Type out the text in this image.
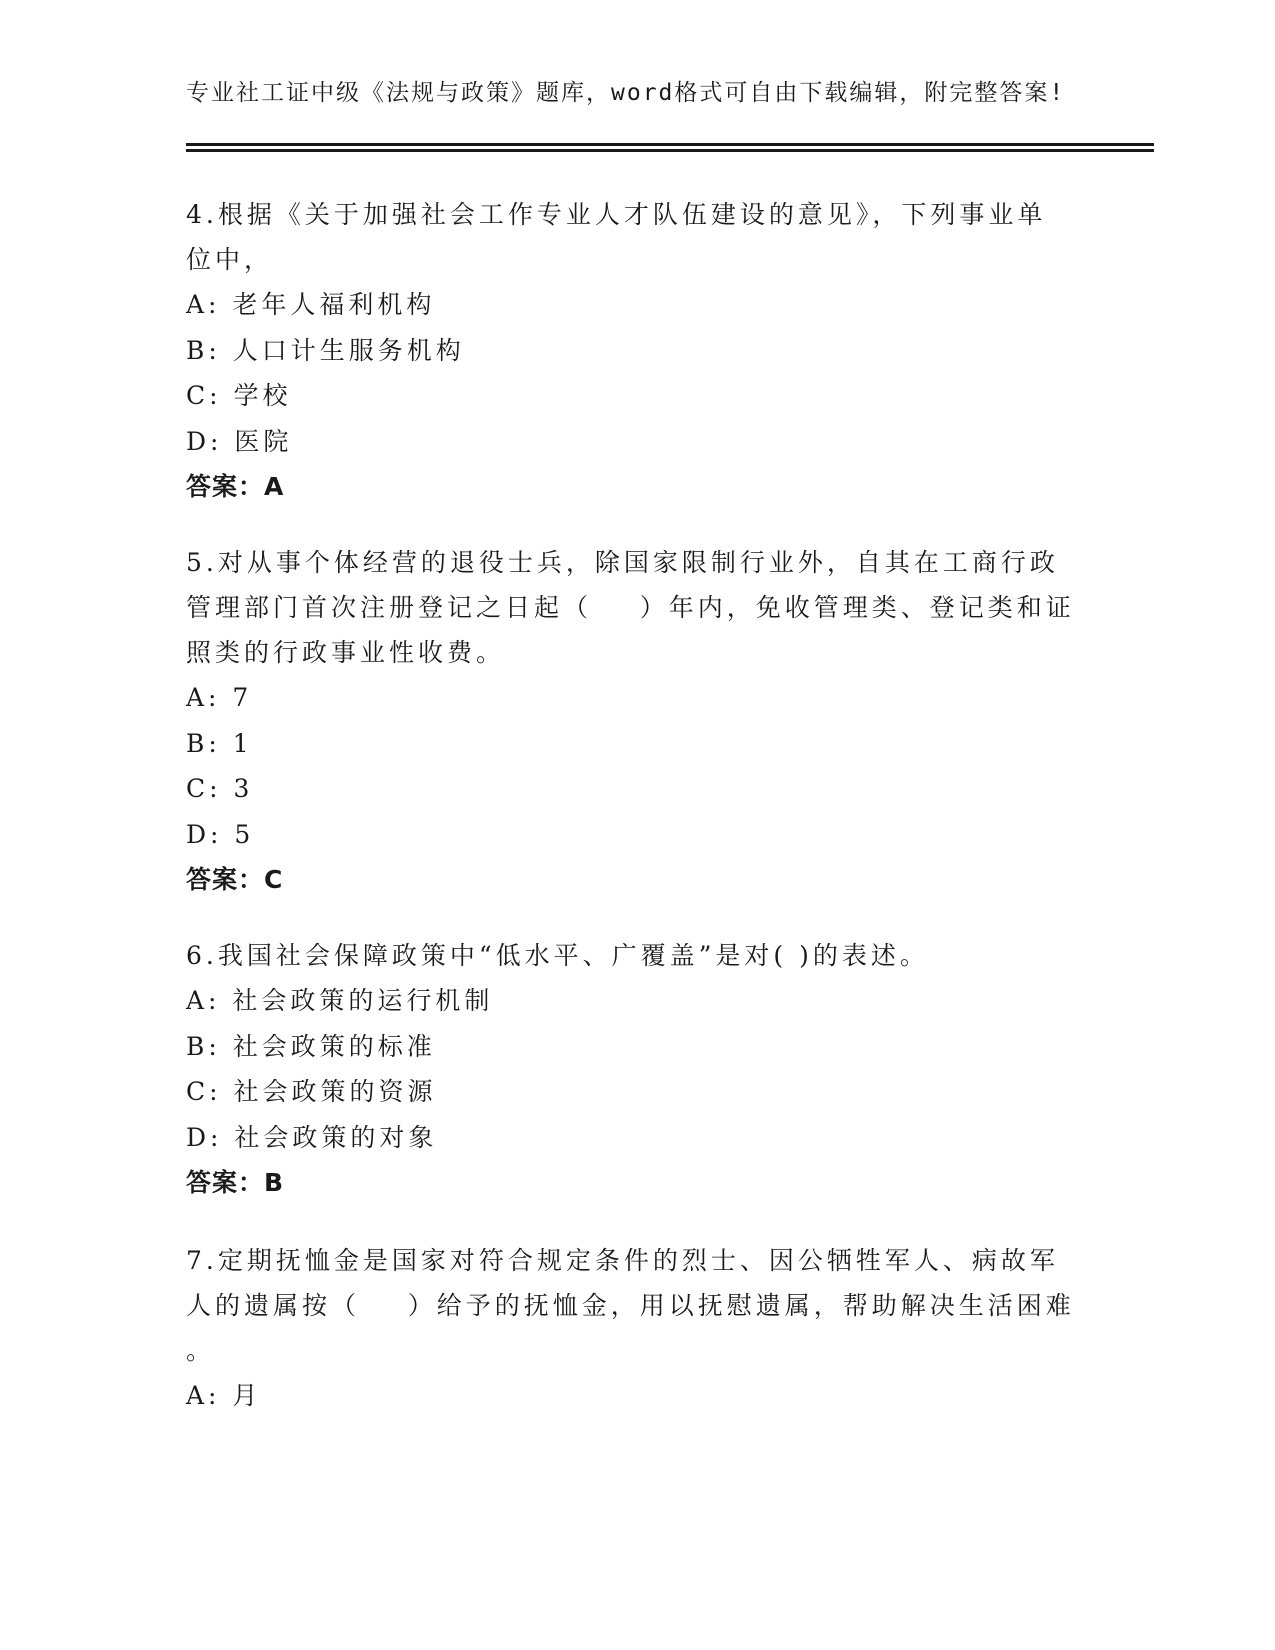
专业社工证中级《法规与政策》题库，word格式可自由下载编辑，附完整答案!

4.根据《关于加强社会工作专业人才队伍建设的意见》，下列事业单

位中，

A: 老年人福利机构

B: 人口计生服务机构

C: 学校

D: 医院

答案：A

5.对从事个体经营的退役士兵，除国家限制行业外，自其在工商行政

管理部门首次注册登记之日起（    ）年内，免收管理类、登记类和证

照类的行政事业性收费。

A: 7

B: 1

C: 3

D: 5

答案：C

6.我国社会保障政策中“低水平、广覆盖”是对( )的表述。

A: 社会政策的运行机制

B: 社会政策的标准

C: 社会政策的资源

D: 社会政策的对象

答案：B

7.定期抚恤金是国家对符合规定条件的烈士、因公牺牲军人、病故军

人的遗属按（    ）给予的抚恤金，用以抚慰遗属，帮助解决生活困难

。

A: 月
